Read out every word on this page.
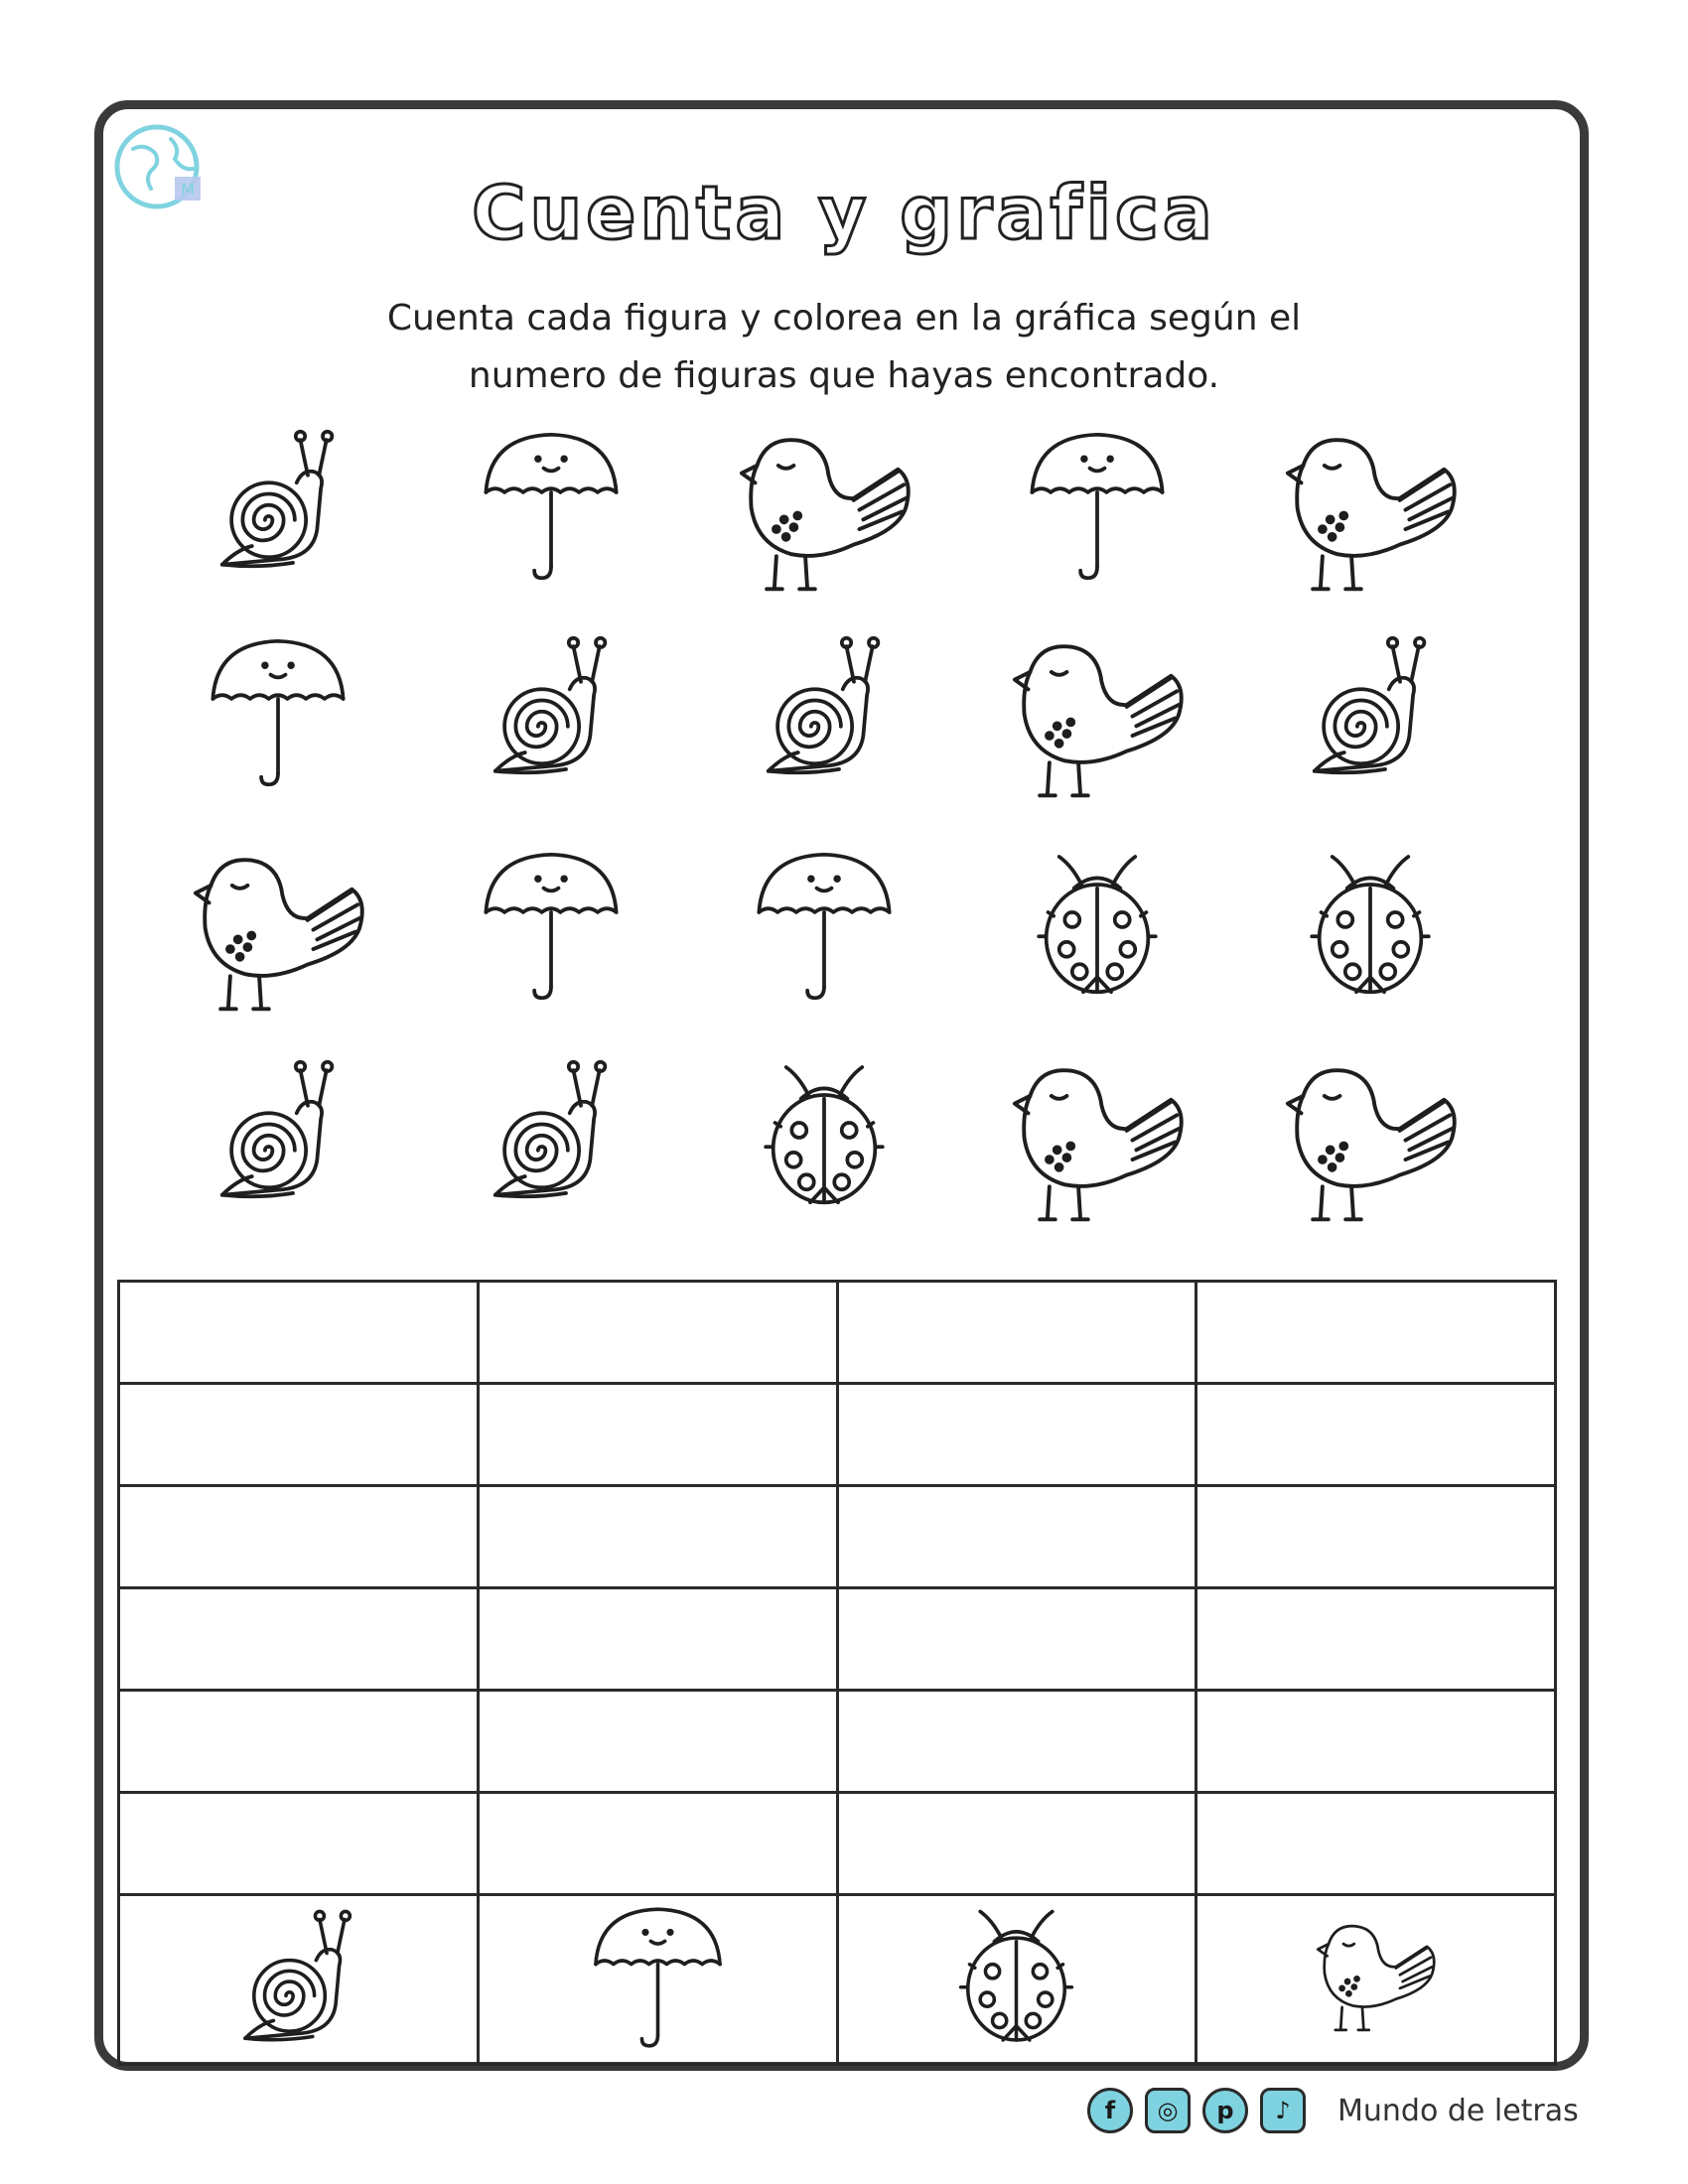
M	Cuenta y grafica
Cuenta cada figura y colorea en la gráfica según el
numero de figuras que hayas encontrado.

f	◎	p	♪	Mundo de letras
